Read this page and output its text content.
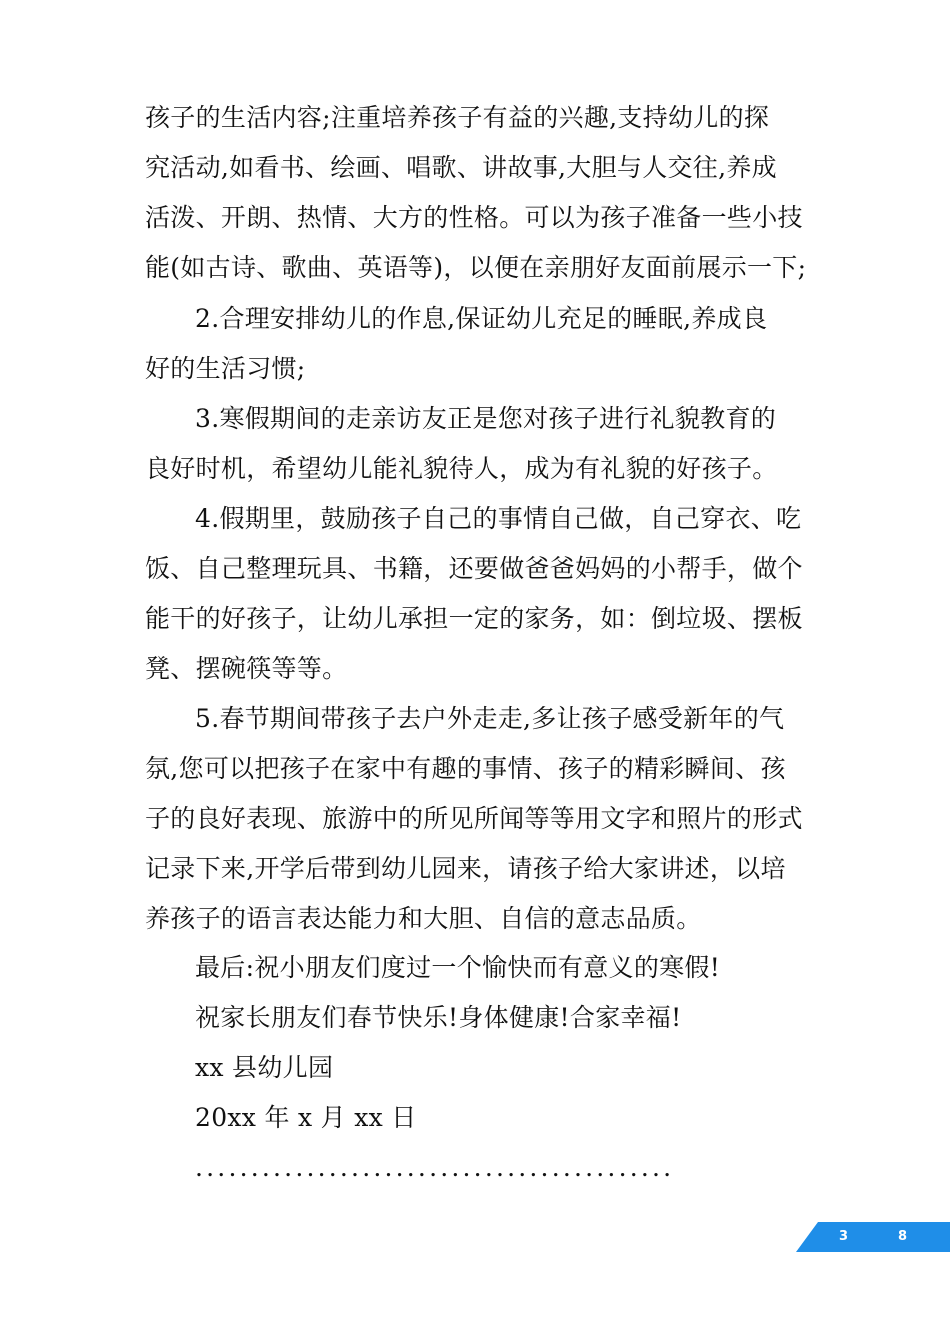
孩子的生活内容;注重培养孩子有益的兴趣,支持幼儿的探
究活动,如看书、绘画、唱歌、讲故事,大胆与人交往,养成
活泼、开朗、热情、大方的性格。可以为孩子准备一些小技
能(如古诗、歌曲、英语等)，以便在亲朋好友面前展示一下;
2.合理安排幼儿的作息,保证幼儿充足的睡眠,养成良
好的生活习惯;
3.寒假期间的走亲访友正是您对孩子进行礼貌教育的
良好时机，希望幼儿能礼貌待人，成为有礼貌的好孩子。
4.假期里，鼓励孩子自己的事情自己做，自己穿衣、吃
饭、自己整理玩具、书籍，还要做爸爸妈妈的小帮手，做个
能干的好孩子，让幼儿承担一定的家务，如：倒垃圾、摆板
凳、摆碗筷等等。
5.春节期间带孩子去户外走走,多让孩子感受新年的气
氛,您可以把孩子在家中有趣的事情、孩子的精彩瞬间、孩
子的良好表现、旅游中的所见所闻等等用文字和照片的形式
记录下来,开学后带到幼儿园来，请孩子给大家讲述，以培
养孩子的语言表达能力和大胆、自信的意志品质。
最后:祝小朋友们度过一个愉快而有意义的寒假!
祝家长朋友们春节快乐!身体健康!合家幸福!
xx 县幼儿园
20xx 年 x 月 xx 日
...........................................
3	8
